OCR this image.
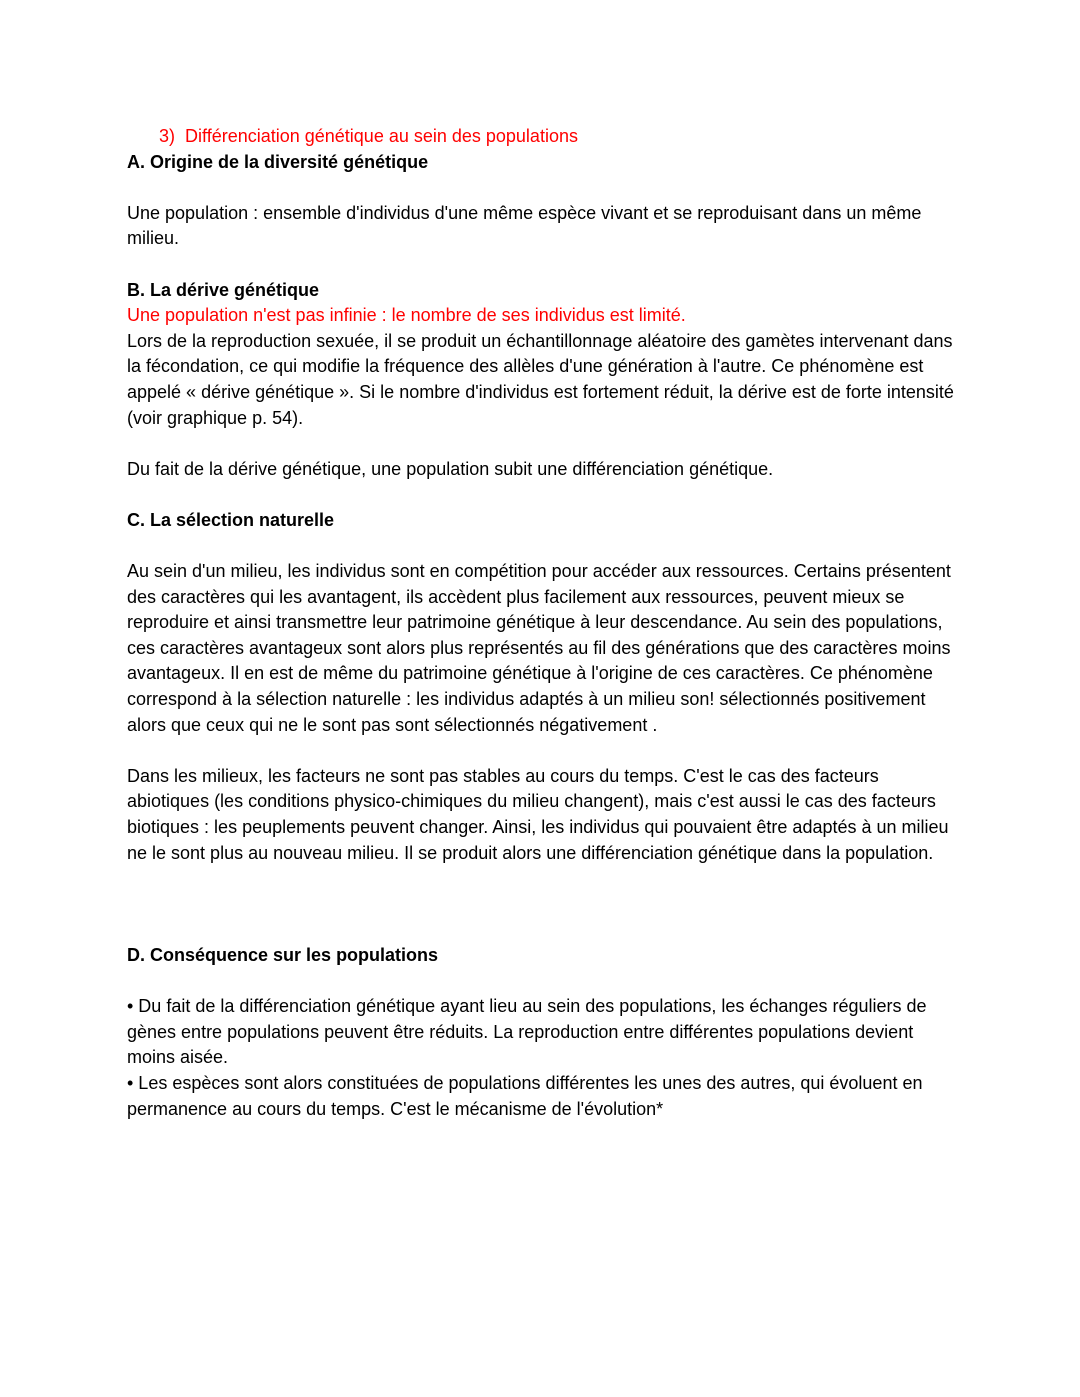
3) Différenciation génétique au sein des populations

A. Origine de la diversité génétique

Une population : ensemble d'individus d'une même espèce vivant et se reproduisant dans un même milieu.

B. La dérive génétique

Une population n'est pas infinie : le nombre de ses individus est limité.

Lors de la reproduction sexuée, il se produit un échantillonnage aléatoire des gamètes intervenant dans la fécondation, ce qui modifie la fréquence des allèles d'une génération à l'autre. Ce phénomène est appelé « dérive génétique ». Si le nombre d'individus est fortement réduit, la dérive est de forte intensité (voir graphique p. 54).

Du fait de la dérive génétique, une population subit une différenciation génétique.

C. La sélection naturelle

Au sein d'un milieu, les individus sont en compétition pour accéder aux ressources. Certains présentent des caractères qui les avantagent, ils accèdent plus facilement aux ressources, peuvent mieux se reproduire et ainsi transmettre leur patrimoine génétique à leur descendance. Au sein des populations, ces caractères avantageux sont alors plus représentés au fil des générations que des caractères moins avantageux. Il en est de même du patrimoine génétique à l'origine de ces caractères. Ce phénomène correspond à la sélection naturelle : les individus adaptés à un milieu son! sélectionnés positivement alors que ceux qui ne le sont pas sont sélectionnés négativement .

Dans les milieux, les facteurs ne sont pas stables au cours du temps. C'est le cas des facteurs abiotiques (les conditions physico-chimiques du milieu changent), mais c'est aussi le cas des facteurs biotiques : les peuplements peuvent changer. Ainsi, les individus qui pouvaient être adaptés à un milieu ne le sont plus au nouveau milieu. Il se produit alors une différenciation génétique dans la population.

D. Conséquence sur les populations

• Du fait de la différenciation génétique ayant lieu au sein des populations, les échanges réguliers de gènes entre populations peuvent être réduits. La reproduction entre différentes populations devient moins aisée.

• Les espèces sont alors constituées de populations différentes les unes des autres, qui évoluent en permanence au cours du temps. C'est le mécanisme de l'évolution*
